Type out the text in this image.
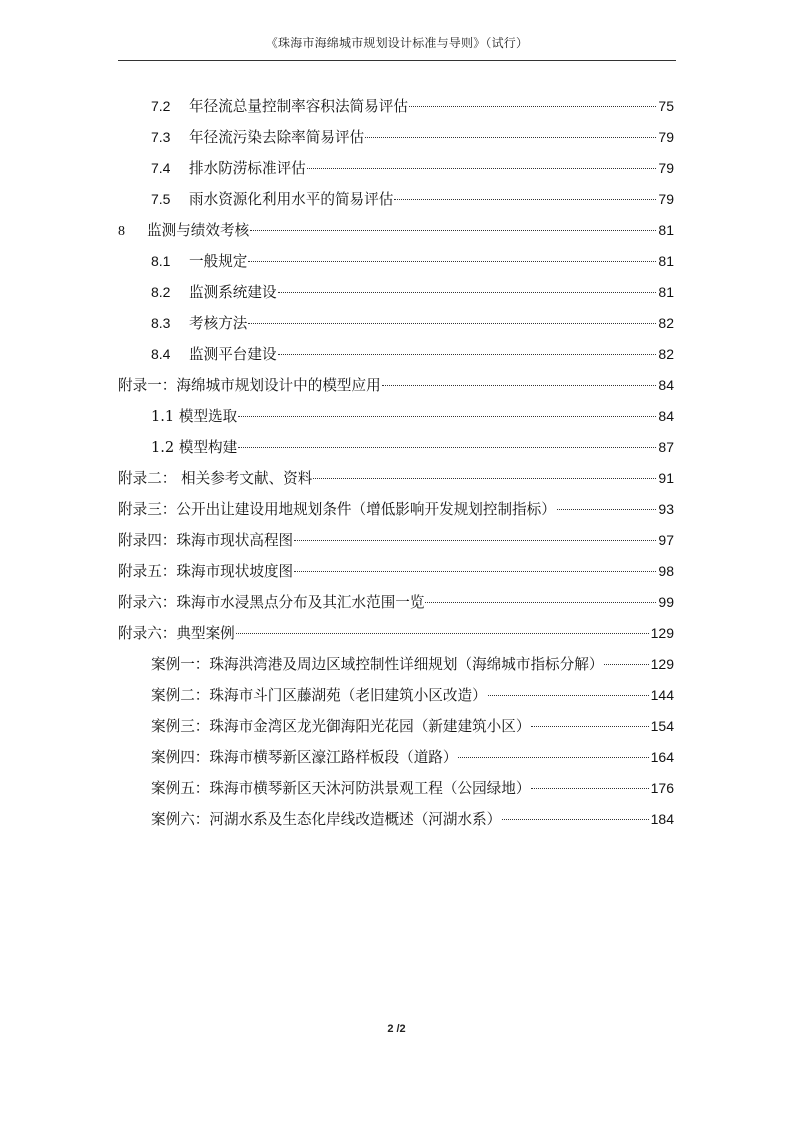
《珠海市海绵城市规划设计标准与导则》（试行）
7.2	年径流总量控制率容积法简易评估	75
7.3	年径流污染去除率简易评估	79
7.4	排水防涝标准评估	79
7.5	雨水资源化利用水平的简易评估	79
8	监测与绩效考核	81
8.1	一般规定	81
8.2	监测系统建设	81
8.3	考核方法	82
8.4	监测平台建设	82
附录一：海绵城市规划设计中的模型应用	84
1.1 模型选取	84
1.2 模型构建	87
附录二： 相关参考文献、资料	91
附录三：公开出让建设用地规划条件（增低影响开发规划控制指标）	93
附录四：珠海市现状高程图	97
附录五：珠海市现状坡度图	98
附录六：珠海市水浸黑点分布及其汇水范围一览	99
附录六：典型案例	129
案例一：珠海洪湾港及周边区域控制性详细规划（海绵城市指标分解）	129
案例二：珠海市斗门区藤湖苑（老旧建筑小区改造）	144
案例三：珠海市金湾区龙光御海阳光花园（新建建筑小区）	154
案例四：珠海市横琴新区濠江路样板段（道路）	164
案例五：珠海市横琴新区天沐河防洪景观工程（公园绿地）	176
案例六：河湖水系及生态化岸线改造概述（河湖水系）	184
2 /2
